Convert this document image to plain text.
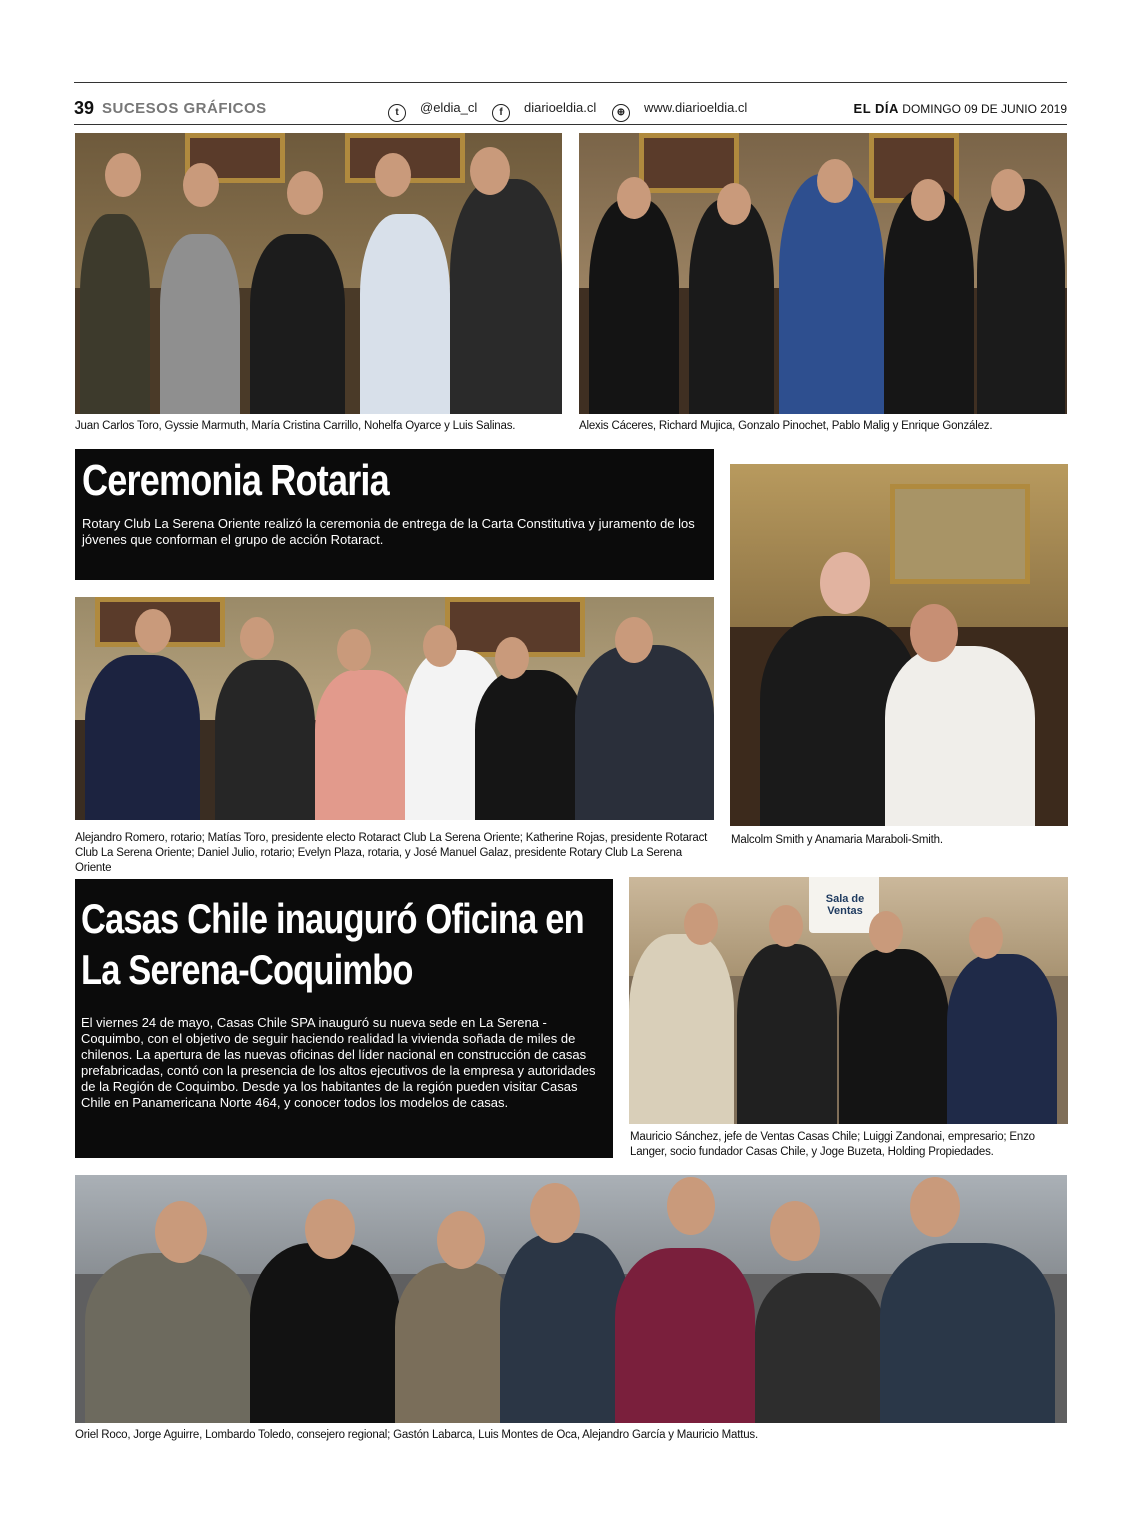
39 SUCESOS GRÁFICOS	t @eldia_cl	f diarioeldia.cl	⊕ www.diarioeldia.cl	EL DÍA DOMINGO 09 DE JUNIO 2019
Juan Carlos Toro, Gyssie Marmuth, María Cristina Carrillo, Nohelfa Oyarce y Luis Salinas.	Alexis Cáceres, Richard Mujica, Gonzalo Pinochet, Pablo Malig y Enrique González.
Ceremonia Rotaria

Rotary Club La Serena Oriente realizó la ceremonia de entrega de la Carta Constitutiva y juramento de los jóvenes que conforman el grupo de acción Rotaract.

Alejandro Romero, rotario; Matías Toro, presidente electo Rotaract Club La Serena Oriente; Katherine Rojas, presidente Rotaract Club La Serena Oriente; Daniel Julio, rotario; Evelyn Plaza, rotaria, y José Manuel Galaz, presidente Rotary Club La Serena Oriente
Malcolm Smith y Anamaria Maraboli-Smith.
Casas Chile inauguró Oficina en La Serena-Coquimbo

El viernes 24 de mayo, Casas Chile SPA inauguró su nueva sede en La Serena - Coquimbo, con el objetivo de seguir haciendo realidad la vivienda soñada de miles de chilenos. La apertura de las nuevas oficinas del líder nacional en construcción de casas prefabricadas, contó con la presencia de los altos ejecutivos de la empresa y autoridades de la Región de Coquimbo. Desde ya los habitantes de la región pueden visitar Casas Chile en Panamericana Norte 464, y conocer todos los modelos de casas.

Sala de Ventas
Mauricio Sánchez, jefe de Ventas Casas Chile; Luiggi Zandonai, empresario; Enzo Langer, socio fundador Casas Chile, y Joge Buzeta, Holding Propiedades.
Oriel Roco, Jorge Aguirre, Lombardo Toledo, consejero regional; Gastón Labarca, Luis Montes de Oca, Alejandro García y Mauricio Mattus.
